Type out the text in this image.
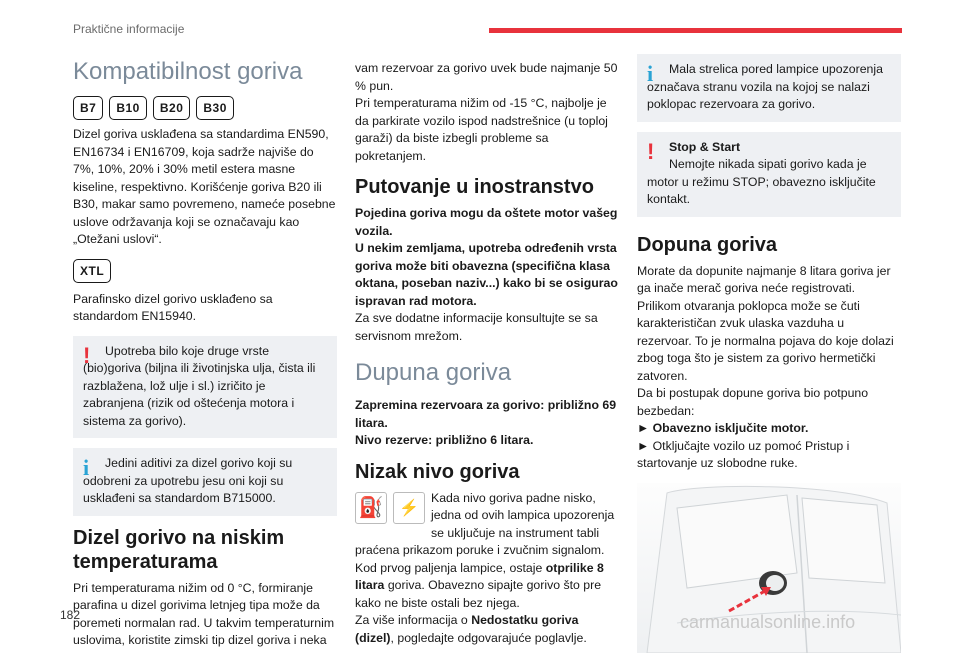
Praktične informacije
Kompatibilnost goriva
B7	B10	B20	B30

Dizel goriva usklađena sa standardima EN590, EN16734 i EN16709, koja sadrže najviše do 7%, 10%, 20% i 30% metil estera masne kiseline, respektivno. Korišćenje goriva B20 ili B30, makar samo povremeno, nameće posebne uslove održavanja koji se označavaju kao „Otežani uslovi“.

XTL

Parafinsko dizel gorivo usklađeno sa standardom EN15940.

!	Upotreba bilo koje druge vrste (bio)goriva (biljna ili životinjska ulja, čista ili razblažena, lož ulje i sl.) izričito je zabranjena (rizik od oštećenja motora i sistema za gorivo).

i	Jedini aditivi za dizel gorivo koji su odobreni za upotrebu jesu oni koji su usklađeni sa standardom B715000.

Dizel gorivo na niskim temperaturama

Pri temperaturama nižim od 0 °C, formiranje parafina u dizel gorivima letnjeg tipa može da poremeti normalan rad. U takvim temperaturnim uslovima, koristite zimski tip dizel goriva i neka

vam rezervoar za gorivo uvek bude najmanje 50 % pun.

Pri temperaturama nižim od -15 °C, najbolje je da parkirate vozilo ispod nadstrešnice (u toploj garaži) da biste izbegli probleme sa pokretanjem.

Putovanje u inostranstvo

Pojedina goriva mogu da oštete motor vašeg vozila.
U nekim zemljama, upotreba određenih vrsta goriva može biti obavezna (specifična klasa oktana, poseban naziv...) kako bi se osigurao ispravan rad motora.

Za sve dodatne informacije konsultujte se sa servisnom mrežom.

Dupuna goriva

Zapremina rezervoara za gorivo: približno 69 litara.
Nivo rezerve: približno 6 litara.

Nizak nivo goriva
⛽ ⚡

Kada nivo goriva padne nisko, jedna od ovih lampica upozorenja se uključuje na instrument tabli praćena prikazom poruke i zvučnim signalom. Kod prvog paljenja lampice, ostaje otprilike 8 litara goriva. Obavezno sipajte gorivo što pre kako ne biste ostali bez njega.
Za više informacija o Nedostatku goriva (dizel), pogledajte odgovarajuće poglavlje.

i	Mala strelica pored lampice upozorenja označava stranu vozila na kojoj se nalazi poklopac rezervoara za gorivo.

!	Stop & Start

Nemojte nikada sipati gorivo kada je motor u režimu STOP; obavezno isključite kontakt.

Dopuna goriva

Morate da dopunite najmanje 8 litara goriva jer ga inače merač goriva neće registrovati.

Prilikom otvaranja poklopca može se čuti karakterističan zvuk ulaska vazduha u rezervoar. To je normalna pojava do koje dolazi zbog toga što je sistem za gorivo hermetički zatvoren.

Da bi postupak dopune goriva bio potpuno bezbedan:

► Obavezno isključite motor.

► Otključajte vozilo uz pomoć Pristup i startovanje uz slobodne ruke.

182	carmanualsonline.info
